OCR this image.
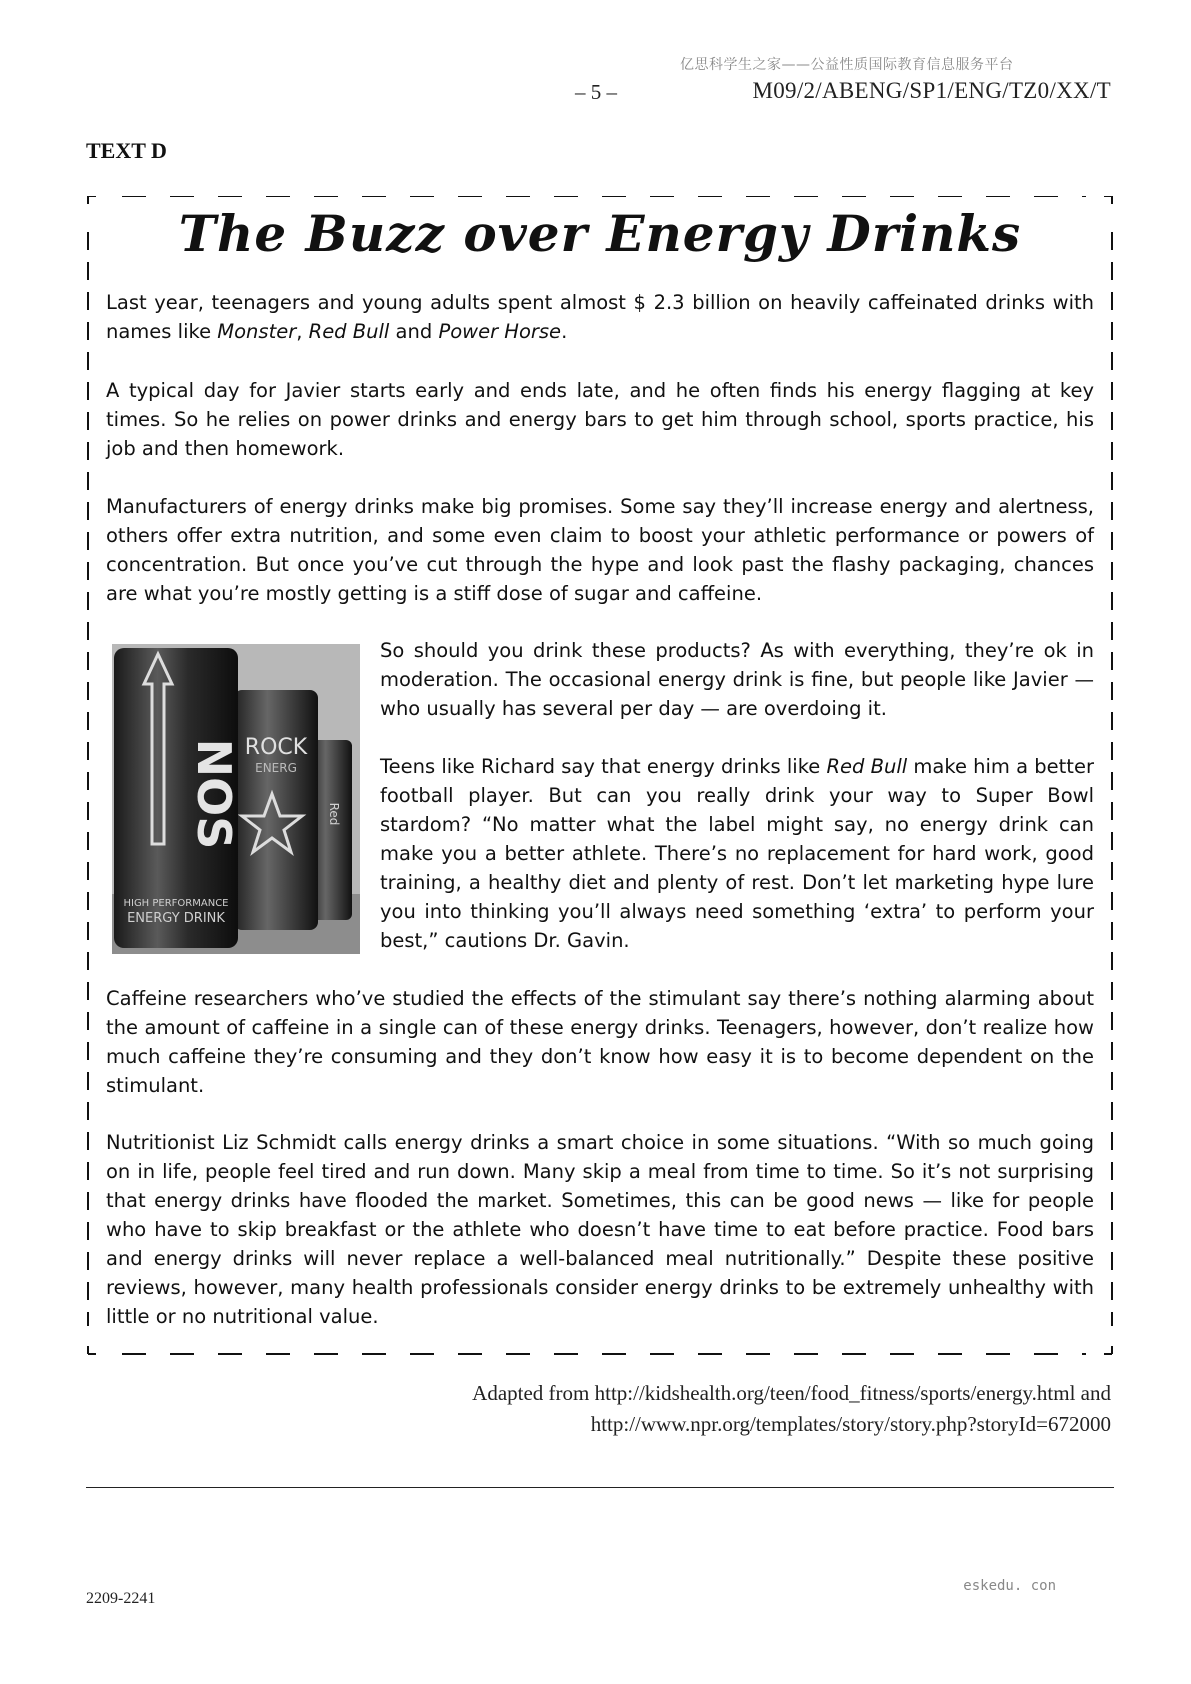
亿思科学生之家——公益性质国际教育信息服务平台
– 5 –	M09/2/ABENG/SP1/ENG/TZ0/XX/T
TEXT D
The Buzz over Energy Drinks

Last year, teenagers and young adults spent almost $ 2.3 billion on heavily caffeinated drinks with names like Monster, Red Bull and Power Horse.

A typical day for Javier starts early and ends late, and he often finds his energy flagging at key times. So he relies on power drinks and energy bars to get him through school, sports practice, his job and then homework.

Manufacturers of energy drinks make big promises. Some say they’ll increase energy and alertness, others offer extra nutrition, and some even claim to boost your athletic performance or powers of concentration. But once you’ve cut through the hype and look past the flashy packaging, chances are what you’re mostly getting is a stiff dose of sugar and caffeine.

Red
ROCK
ENERG
NOS
HIGH PERFORMANCE
ENERGY DRINK

So should you drink these products? As with everything, they’re ok in moderation. The occasional energy drink is fine, but people like Javier — who usually has several per day — are overdoing it.

Teens like Richard say that energy drinks like Red Bull make him a better football player. But can you really drink your way to Super Bowl stardom? “No matter what the label might say, no energy drink can make you a better athlete. There’s no replacement for hard work, good training, a healthy diet and plenty of rest. Don’t let marketing hype lure you into thinking you’ll always need something ‘extra’ to perform your best,” cautions Dr. Gavin.

Caffeine researchers who’ve studied the effects of the stimulant say there’s nothing alarming about the amount of caffeine in a single can of these energy drinks. Teenagers, however, don’t realize how much caffeine they’re consuming and they don’t know how easy it is to become dependent on the stimulant.

Nutritionist Liz Schmidt calls energy drinks a smart choice in some situations. “With so much going on in life, people feel tired and run down. Many skip a meal from time to time. So it’s not surprising that energy drinks have flooded the market. Sometimes, this can be good news — like for people who have to skip breakfast or the athlete who doesn’t have time to eat before practice. Food bars and energy drinks will never replace a well-balanced meal nutritionally.” Despite these positive reviews, however, many health professionals consider energy drinks to be extremely unhealthy with little or no nutritional value.

Adapted from http://kidshealth.org/teen/food_fitness/sports/energy.html and
http://www.npr.org/templates/story/story.php?storyId=672000
2209-2241
eskedu. con
